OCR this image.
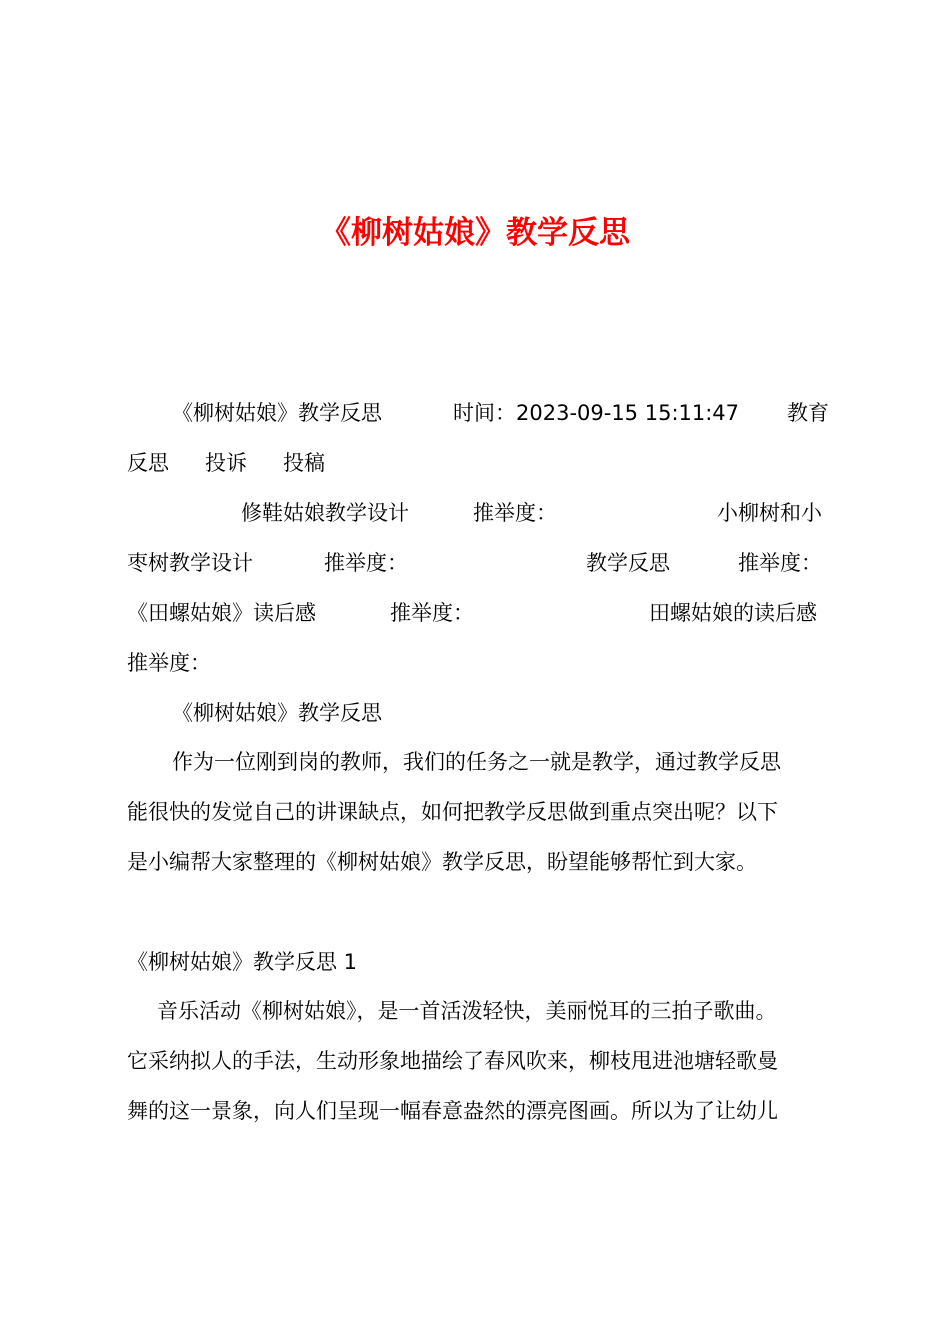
《柳树姑娘》教学反思
《柳树姑娘》教学反思	时间：2023-09-15 15:11:47 教育
反思 投诉 投稿
修鞋姑娘教学设计	推举度：	小柳树和小
枣树教学设计	推举度：	教学反思	推举度：
《田螺姑娘》读后感	推举度：	田螺姑娘的读后感
推举度：
《柳树姑娘》教学反思
作为一位刚到岗的教师，我们的任务之一就是教学，通过教学反思
能很快的发觉自己的讲课缺点，如何把教学反思做到重点突出呢？以下
是小编帮大家整理的《柳树姑娘》教学反思，盼望能够帮忙到大家。
《柳树姑娘》教学反思 1
音乐活动《柳树姑娘》，是一首活泼轻快，美丽悦耳的三拍子歌曲。
它采纳拟人的手法，生动形象地描绘了春风吹来，柳枝甩进池塘轻歌曼
舞的这一景象，向人们呈现一幅春意盎然的漂亮图画。所以为了让幼儿
